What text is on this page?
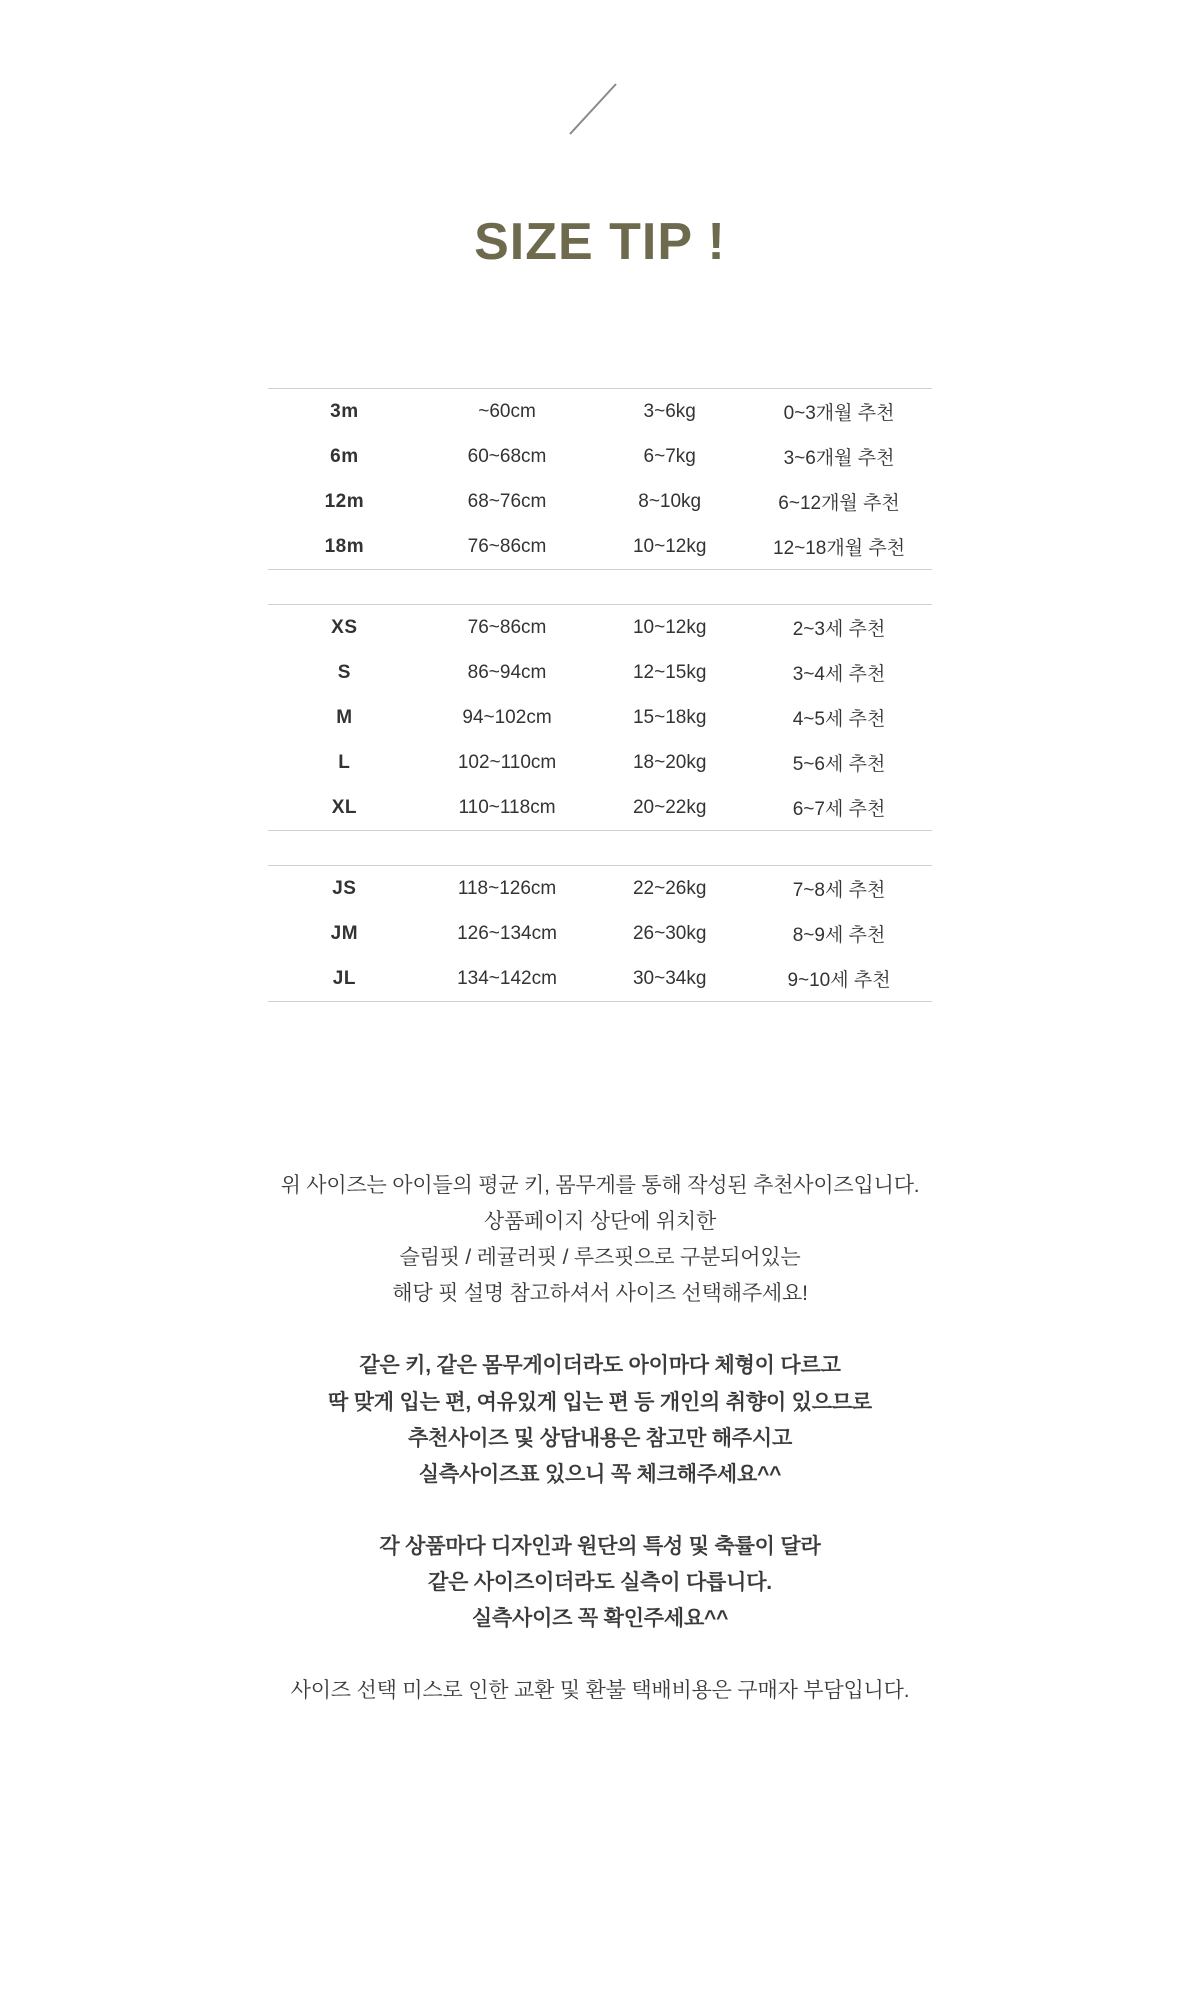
SIZE TIP !
3m	~60cm	3~6kg	0~3개월 추천
6m	60~68cm	6~7kg	3~6개월 추천
12m	68~76cm	8~10kg	6~12개월 추천
18m	76~86cm	10~12kg	12~18개월 추천

XS	76~86cm	10~12kg	2~3세 추천
S	86~94cm	12~15kg	3~4세 추천
M	94~102cm	15~18kg	4~5세 추천
L	102~110cm	18~20kg	5~6세 추천
XL	110~118cm	20~22kg	6~7세 추천

JS	118~126cm	22~26kg	7~8세 추천
JM	126~134cm	26~30kg	8~9세 추천
JL	134~142cm	30~34kg	9~10세 추천
위 사이즈는 아이들의 평균 키, 몸무게를 통해 작성된 추천사이즈입니다.
상품페이지 상단에 위치한
슬림핏 / 레귤러핏 / 루즈핏으로 구분되어있는
해당 핏 설명 참고하셔서 사이즈 선택해주세요!
같은 키, 같은 몸무게이더라도 아이마다 체형이 다르고
딱 맞게 입는 편, 여유있게 입는 편 등 개인의 취향이 있으므로
추천사이즈 및 상담내용은 참고만 해주시고
실측사이즈표 있으니 꼭 체크해주세요^^
각 상품마다 디자인과 원단의 특성 및 축률이 달라
같은 사이즈이더라도 실측이 다릅니다.
실측사이즈 꼭 확인주세요^^
사이즈 선택 미스로 인한 교환 및 환불 택배비용은 구매자 부담입니다.
